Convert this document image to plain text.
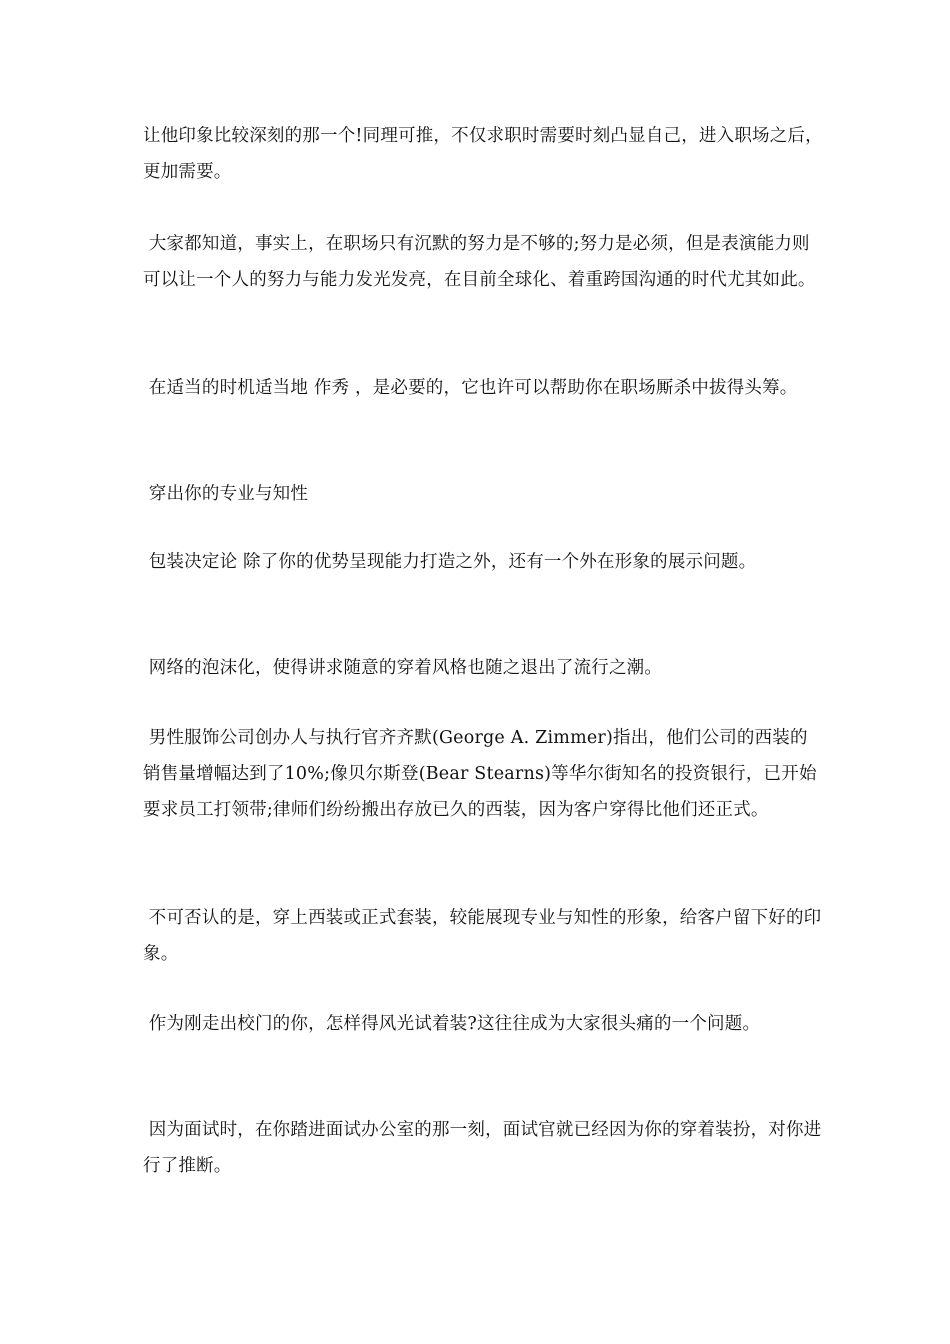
让他印象比较深刻的那一个!同理可推，不仅求职时需要时刻凸显自己，进入职场之后，更加需要。

大家都知道，事实上，在职场只有沉默的努力是不够的;努力是必须，但是表演能力则可以让一个人的努力与能力发光发亮，在目前全球化、着重跨国沟通的时代尤其如此。

在适当的时机适当地 作秀 ，是必要的，它也许可以帮助你在职场厮杀中拔得头筹。

穿出你的专业与知性

包装决定论 除了你的优势呈现能力打造之外，还有一个外在形象的展示问题。

网络的泡沫化，使得讲求随意的穿着风格也随之退出了流行之潮。

男性服饰公司创办人与执行官齐齐默(George A. Zimmer)指出，他们公司的西装的销售量增幅达到了10%;像贝尔斯登(Bear Stearns)等华尔街知名的投资银行，已开始要求员工打领带;律师们纷纷搬出存放已久的西装，因为客户穿得比他们还正式。

不可否认的是，穿上西装或正式套装，较能展现专业与知性的形象，给客户留下好的印象。

作为刚走出校门的你，怎样得风光试着装?这往往成为大家很头痛的一个问题。

因为面试时，在你踏进面试办公室的那一刻，面试官就已经因为你的穿着装扮，对你进行了推断。
